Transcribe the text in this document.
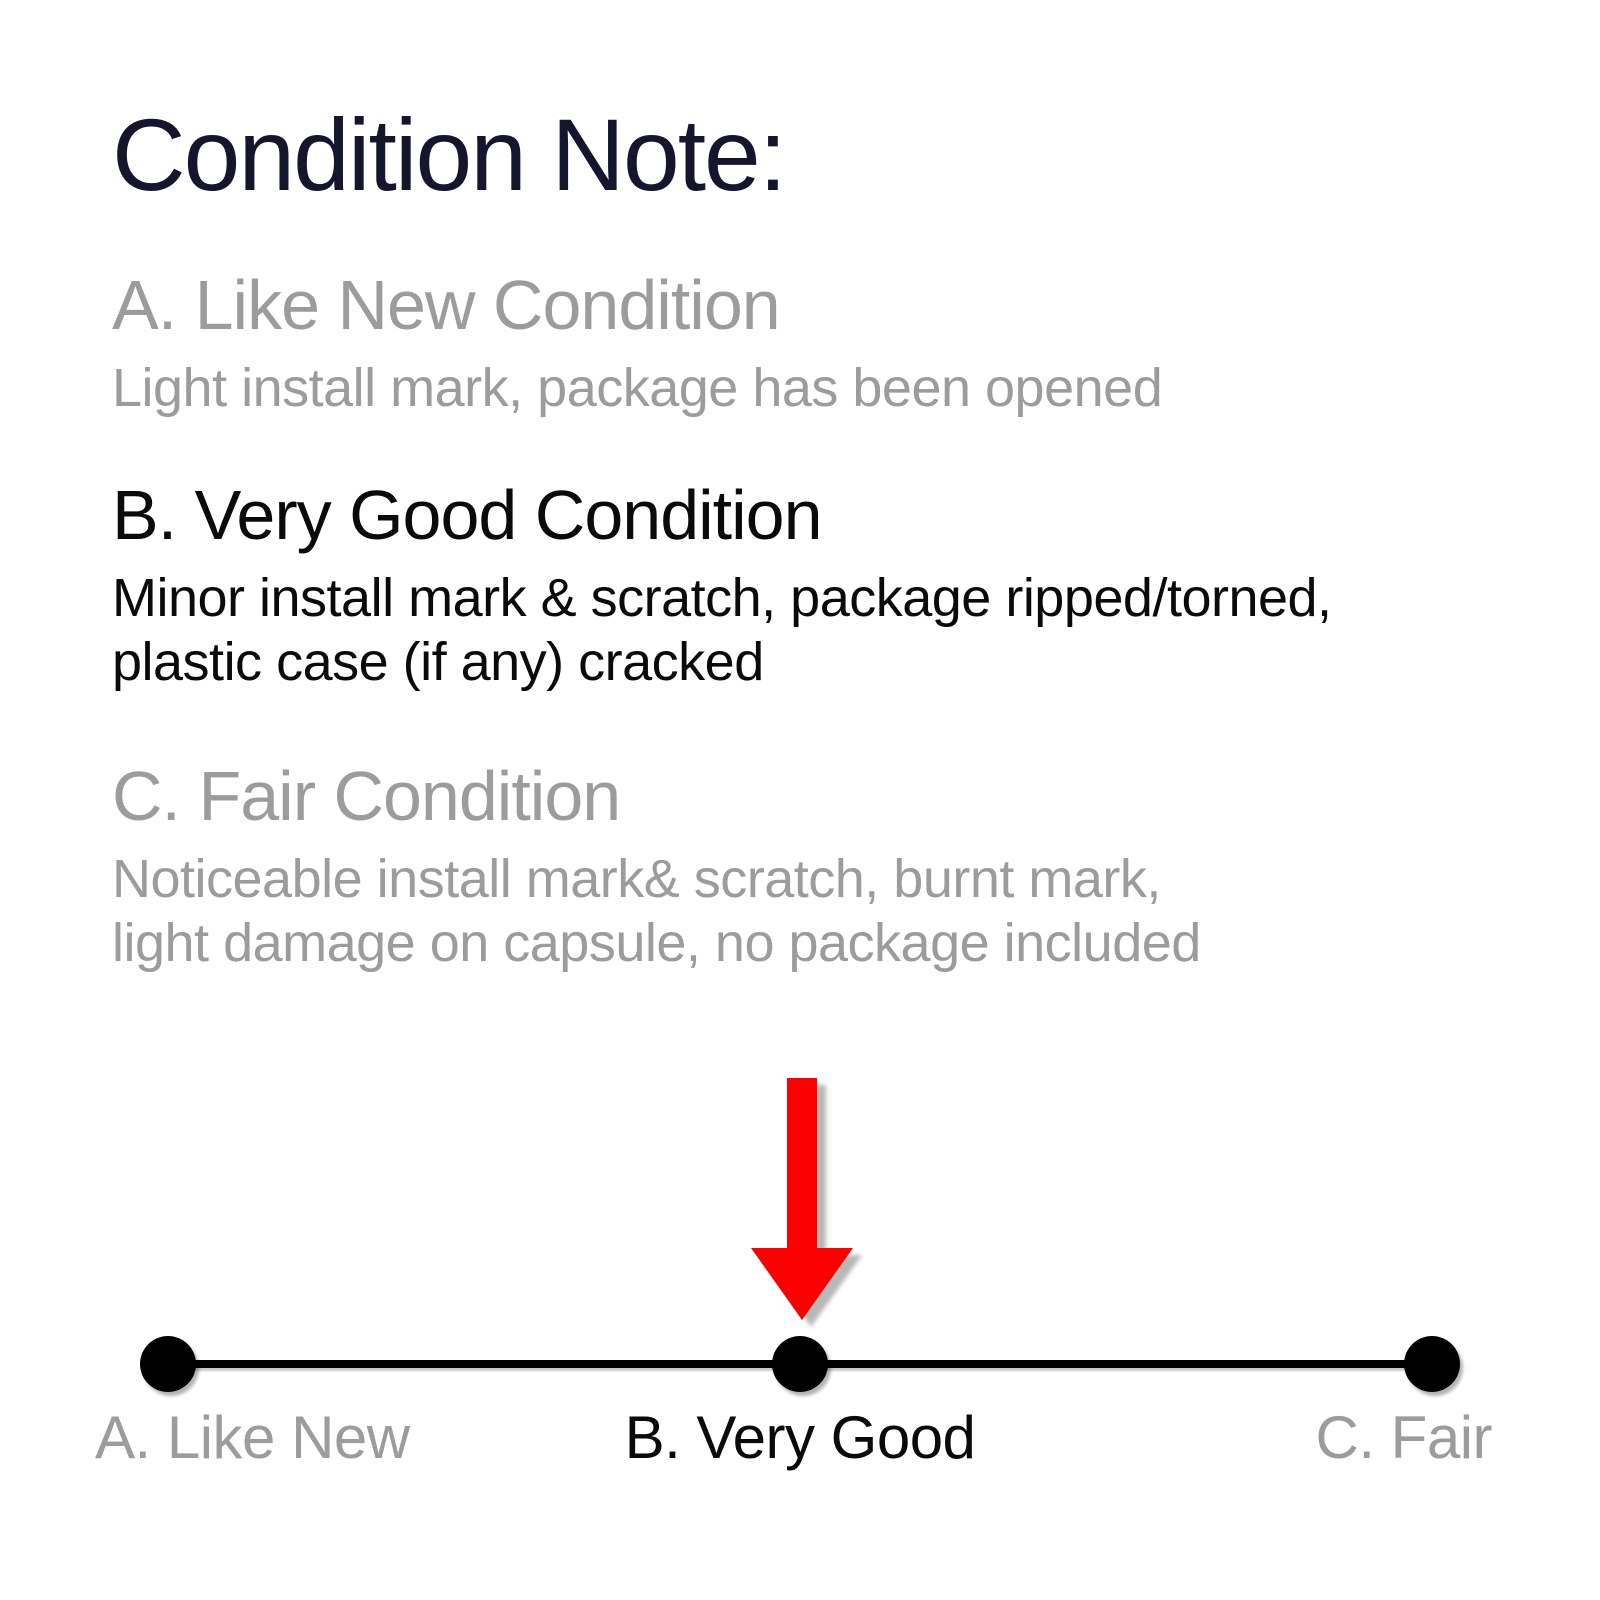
Condition Note:
A. Like New Condition
Light install mark, package has been opened
B. Very Good Condition
Minor install mark & scratch, package ripped/torned,
plastic case (if any) cracked
C. Fair Condition
Noticeable install mark& scratch, burnt mark,
light damage on capsule, no package included
A. Like New	B. Very Good	C. Fair
